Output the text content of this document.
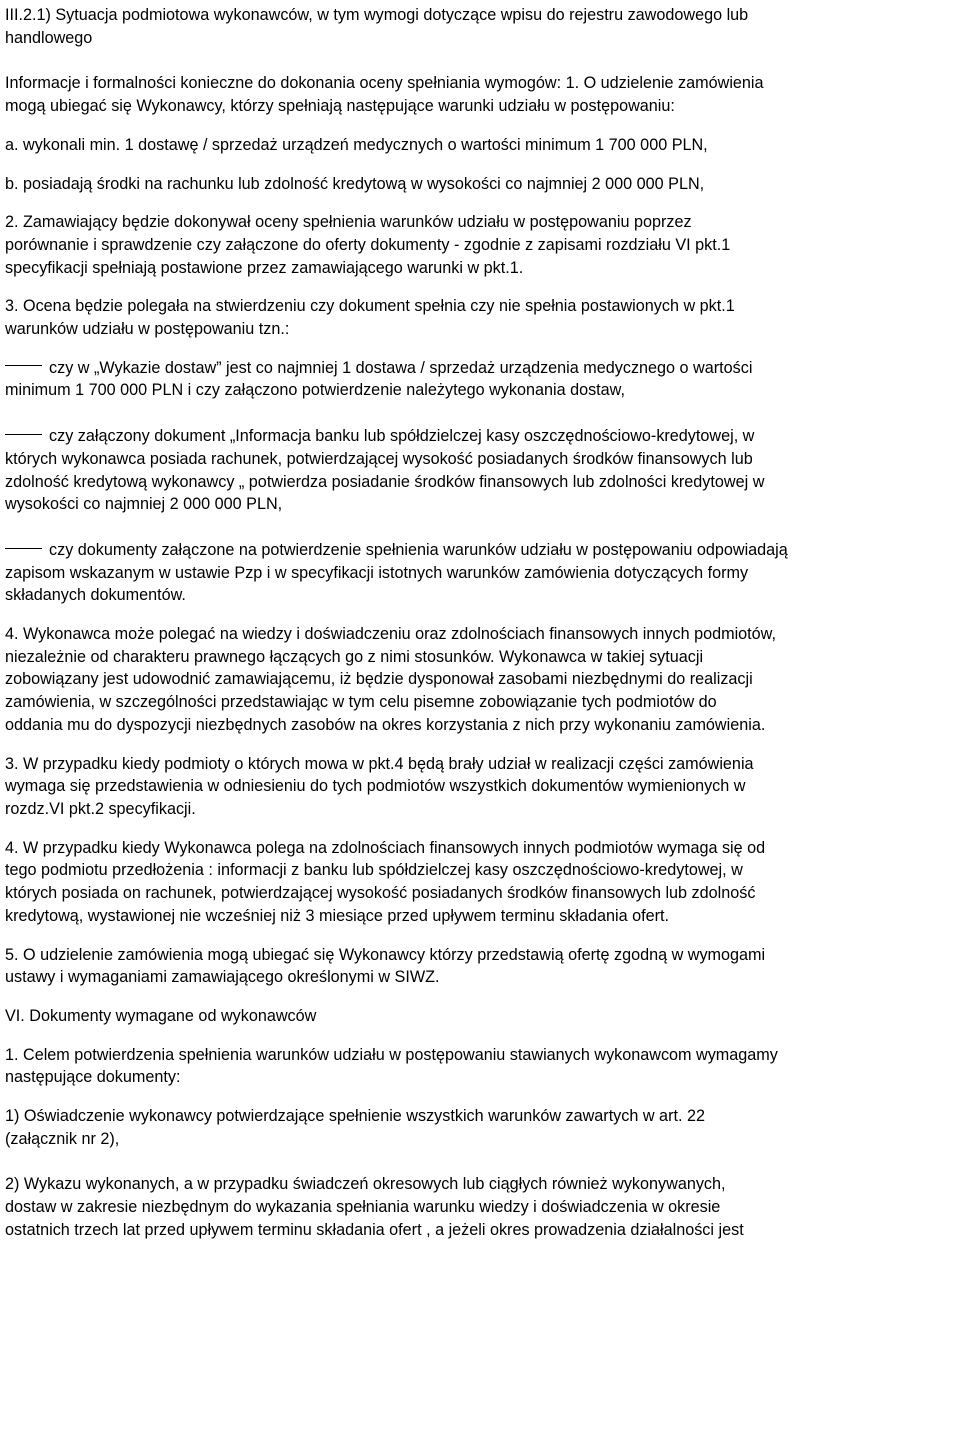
III.2.1) Sytuacja podmiotowa wykonawców, w tym wymogi dotyczące wpisu do rejestru zawodowego lub
handlowego
Informacje i formalności konieczne do dokonania oceny spełniania wymogów: 1. O udzielenie zamówienia
mogą ubiegać się Wykonawcy, którzy spełniają następujące warunki udziału w postępowaniu:
a. wykonali min. 1 dostawę / sprzedaż urządzeń medycznych o wartości minimum 1 700 000 PLN,
b. posiadają środki na rachunku lub zdolność kredytową w wysokości co najmniej 2 000 000 PLN,
2. Zamawiający będzie dokonywał oceny spełnienia warunków udziału w postępowaniu poprzez
porównanie i sprawdzenie czy załączone do oferty dokumenty - zgodnie z zapisami rozdziału VI pkt.1
specyfikacji spełniają postawione przez zamawiającego warunki w pkt.1.
3. Ocena będzie polegała na stwierdzeniu czy dokument spełnia czy nie spełnia postawionych w pkt.1
warunków udziału w postępowaniu tzn.:
czy w „Wykazie dostaw” jest co najmniej 1 dostawa / sprzedaż urządzenia medycznego o wartości
minimum 1 700 000 PLN i czy załączono potwierdzenie należytego wykonania dostaw,
czy załączony dokument „Informacja banku lub spółdzielczej kasy oszczędnościowo-kredytowej, w
których wykonawca posiada rachunek, potwierdzającej wysokość posiadanych środków finansowych lub
zdolność kredytową wykonawcy „ potwierdza posiadanie środków finansowych lub zdolności kredytowej w
wysokości co najmniej 2 000 000 PLN,
czy dokumenty załączone na potwierdzenie spełnienia warunków udziału w postępowaniu odpowiadają
zapisom wskazanym w ustawie Pzp i w specyfikacji istotnych warunków zamówienia dotyczących formy
składanych dokumentów.
4. Wykonawca może polegać na wiedzy i doświadczeniu oraz zdolnościach finansowych innych podmiotów,
niezależnie od charakteru prawnego łączących go z nimi stosunków. Wykonawca w takiej sytuacji
zobowiązany jest udowodnić zamawiającemu, iż będzie dysponował zasobami niezbędnymi do realizacji
zamówienia, w szczególności przedstawiając w tym celu pisemne zobowiązanie tych podmiotów do
oddania mu do dyspozycji niezbędnych zasobów na okres korzystania z nich przy wykonaniu zamówienia.
3. W przypadku kiedy podmioty o których mowa w pkt.4 będą brały udział w realizacji części zamówienia
wymaga się przedstawienia w odniesieniu do tych podmiotów wszystkich dokumentów wymienionych w
rozdz.VI pkt.2 specyfikacji.
4. W przypadku kiedy Wykonawca polega na zdolnościach finansowych innych podmiotów wymaga się od
tego podmiotu przedłożenia : informacji z banku lub spółdzielczej kasy oszczędnościowo-kredytowej, w
których posiada on rachunek, potwierdzającej wysokość posiadanych środków finansowych lub zdolność
kredytową, wystawionej nie wcześniej niż 3 miesiące przed upływem terminu składania ofert.
5. O udzielenie zamówienia mogą ubiegać się Wykonawcy którzy przedstawią ofertę zgodną w wymogami
ustawy i wymaganiami zamawiającego określonymi w SIWZ.
VI. Dokumenty wymagane od wykonawców
1. Celem potwierdzenia spełnienia warunków udziału w postępowaniu stawianych wykonawcom wymagamy
następujące dokumenty:
1) Oświadczenie wykonawcy potwierdzające spełnienie wszystkich warunków zawartych w art. 22
(załącznik nr 2),
2) Wykazu wykonanych, a w przypadku świadczeń okresowych lub ciągłych również wykonywanych,
dostaw w zakresie niezbędnym do wykazania spełniania warunku wiedzy i doświadczenia w okresie
ostatnich trzech lat przed upływem terminu składania ofert , a jeżeli okres prowadzenia działalności jest
